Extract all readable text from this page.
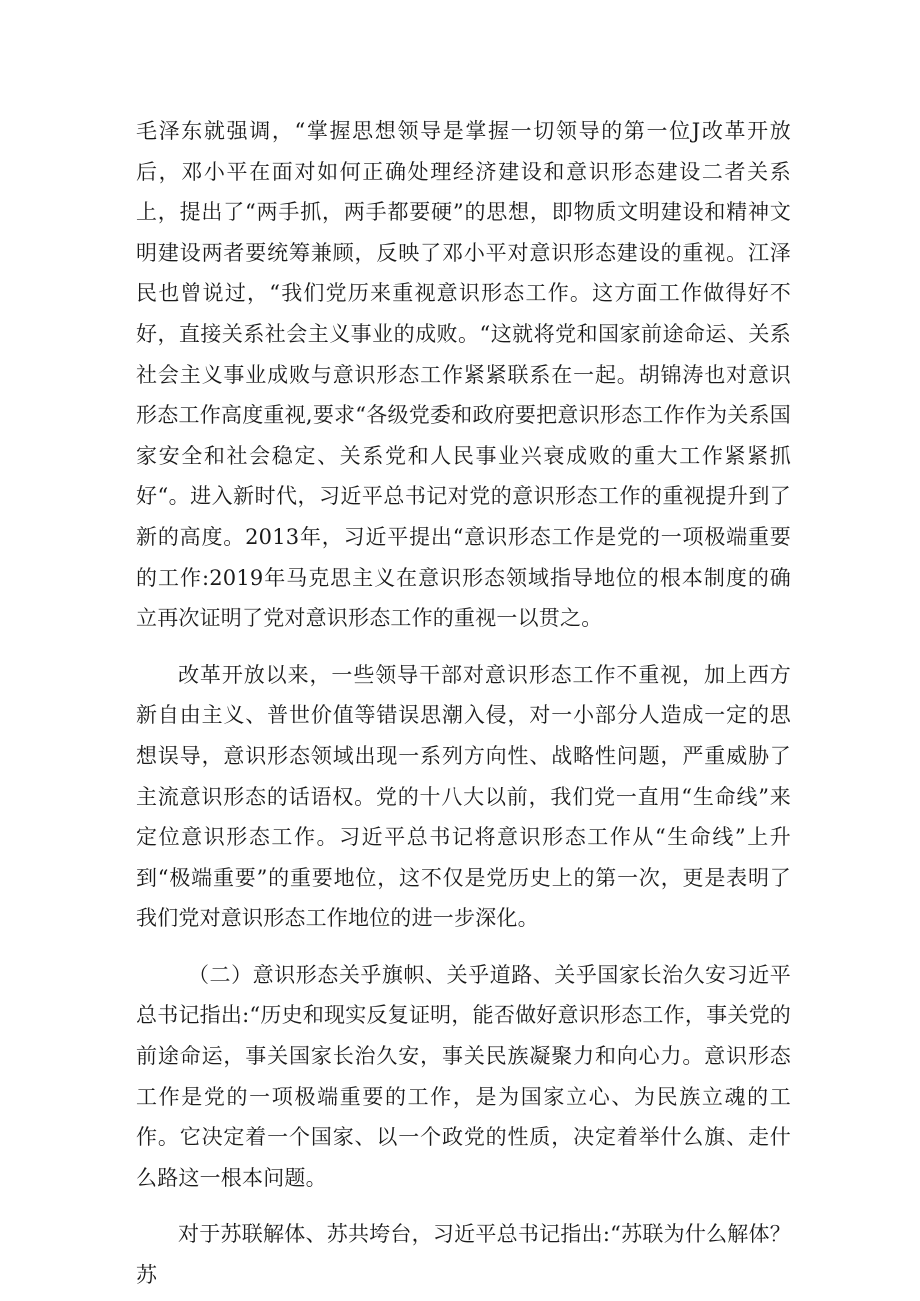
毛泽东就强调，“掌握思想领导是掌握一切领导的第一位J改革开放后，邓小平在面对如何正确处理经济建设和意识形态建设二者关系上，提出了“两手抓，两手都要硬”的思想，即物质文明建设和精神文明建设两者要统筹兼顾，反映了邓小平对意识形态建设的重视。江泽民也曾说过，“我们党历来重视意识形态工作。这方面工作做得好不好，直接关系社会主义事业的成败。“这就将党和国家前途命运、关系社会主义事业成败与意识形态工作紧紧联系在一起。胡锦涛也对意识形态工作高度重视,要求“各级党委和政府要把意识形态工作作为关系国家安全和社会稳定、关系党和人民事业兴衰成败的重大工作紧紧抓好“。进入新时代，习近平总书记对党的意识形态工作的重视提升到了新的高度。2013年，习近平提出“意识形态工作是党的一项极端重要的工作:2019年马克思主义在意识形态领域指导地位的根本制度的确立再次证明了党对意识形态工作的重视一以贯之。

改革开放以来，一些领导干部对意识形态工作不重视，加上西方新自由主义、普世价值等错误思潮入侵，对一小部分人造成一定的思想误导，意识形态领域出现一系列方向性、战略性问题，严重威胁了主流意识形态的话语权。党的十八大以前，我们党一直用“生命线”来定位意识形态工作。习近平总书记将意识形态工作从“生命线”上升到“极端重要”的重要地位，这不仅是党历史上的第一次，更是表明了我们党对意识形态工作地位的进一步深化。

（二）意识形态关乎旗帜、关乎道路、关乎国家长治久安习近平总书记指出:“历史和现实反复证明，能否做好意识形态工作，事关党的前途命运，事关国家长治久安，事关民族凝聚力和向心力。意识形态工作是党的一项极端重要的工作，是为国家立心、为民族立魂的工作。它决定着一个国家、以一个政党的性质，决定着举什么旗、走什么路这一根本问题。

对于苏联解体、苏共垮台，习近平总书记指出:“苏联为什么解体？苏
